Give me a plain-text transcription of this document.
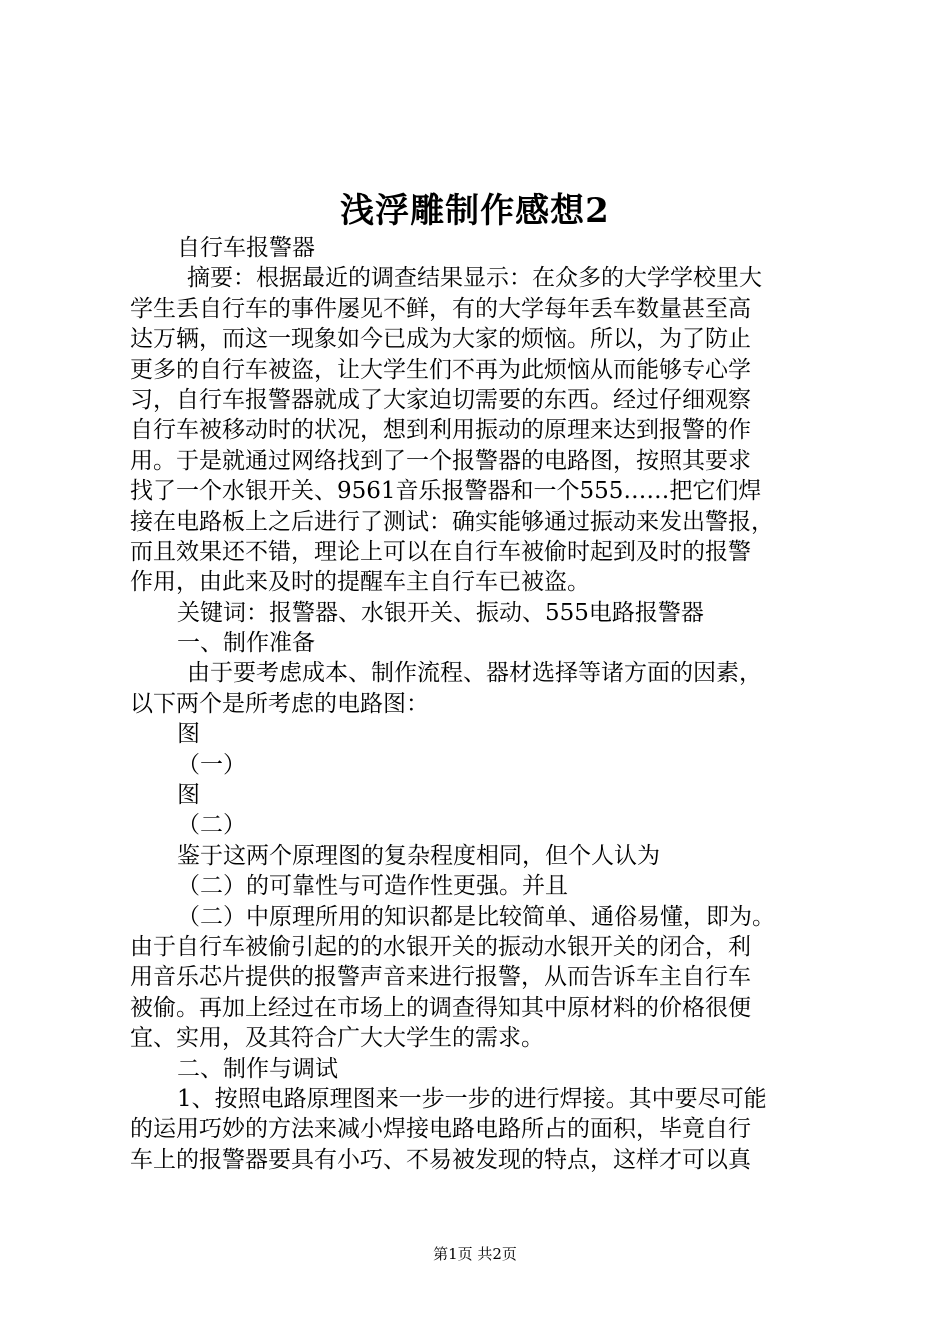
浅浮雕制作感想2
自行车报警器
摘要：根据最近的调查结果显示：在众多的大学学校里大
学生丢自行车的事件屡见不鲜，有的大学每年丢车数量甚至高
达万辆，而这一现象如今已成为大家的烦恼。所以，为了防止
更多的自行车被盗，让大学生们不再为此烦恼从而能够专心学
习，自行车报警器就成了大家迫切需要的东西。经过仔细观察
自行车被移动时的状况，想到利用振动的原理来达到报警的作
用。于是就通过网络找到了一个报警器的电路图，按照其要求
找了一个水银开关、9561音乐报警器和一个555……把它们焊
接在电路板上之后进行了测试：确实能够通过振动来发出警报，
而且效果还不错，理论上可以在自行车被偷时起到及时的报警
作用，由此来及时的提醒车主自行车已被盗。
关键词：报警器、水银开关、振动、555电路报警器
一、制作准备
由于要考虑成本、制作流程、器材选择等诸方面的因素，
以下两个是所考虑的电路图：
图
（一）
图
（二）
鉴于这两个原理图的复杂程度相同，但个人认为
（二）的可靠性与可造作性更强。并且
（二）中原理所用的知识都是比较简单、通俗易懂，即为。
由于自行车被偷引起的的水银开关的振动水银开关的闭合，利
用音乐芯片提供的报警声音来进行报警，从而告诉车主自行车
被偷。再加上经过在市场上的调查得知其中原材料的价格很便
宜、实用，及其符合广大大学生的需求。
二、制作与调试
1、按照电路原理图来一步一步的进行焊接。其中要尽可能
的运用巧妙的方法来减小焊接电路电路所占的面积，毕竟自行
车上的报警器要具有小巧、不易被发现的特点，这样才可以真
第1页 共2页
